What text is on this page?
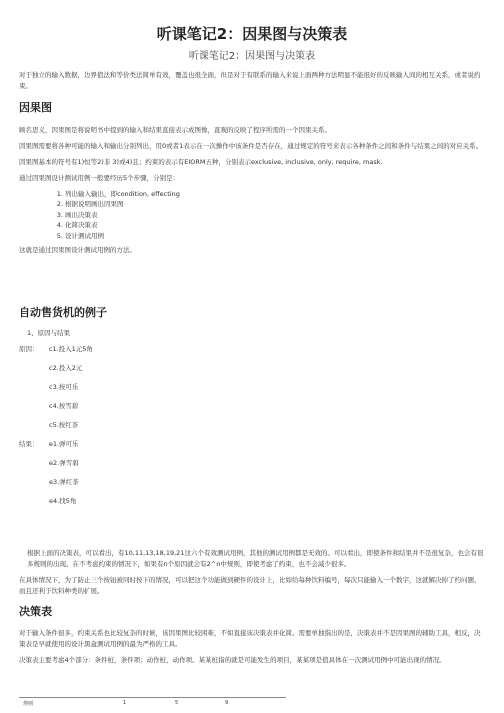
听课笔记2：因果图与决策表
听课笔记2：因果图与决策表

对于独立的输入数据，边界值法和等价类法简单有效，覆盖也很全面，但是对于有联系的输入来说上面两种方法明显不能很好的反映输入间的相互关系，或者说约束。

因果图

顾名思义，因果图是将说明书中提到的输入和结果直接表示成图像，直观的反映了程序所需的一个因果关系。

因果图需要将各种可能的输入和输出分别列出，用0或者1表示在一次操作中该条件是否存在，通过规定的符号来表示各种条件之间和条件与结果之间的对应关系。

因果图基本的符号有1)恒等2)非 3)或4)且；约束的表示有EIORM五种，分别表示exclusive, inclusive, only, require, mask.

通过因果图设计测试用例一般要经历5个步骤，分别是：

1. 列出输入输出，即condition, effecting
2. 根据说明画出因果图
3. 画出决策表
4. 化简决策表
5. 设计测试用例

这就是通过因果图设计测试用例的方法。

自动售货机的例子

1、原因与结果

原因： c1.投入1元5角

c2.投入2元

c3.按可乐

c4.按雪碧

c5.按红茶

结果： e1.弹可乐

e2.弹雪碧

e3.弹红茶

e4.找5角

根据上面的决策表，可以看出，有10,11,13,18,19,21这六个有效测试用例，其他的测试用例都是无效的。可以看出，即使条件和结果并不是很复杂，也会有很多规则的出现。在不考虑约束的情况下，如果有n个原因就会有2^n中规则，即使考虑了约束，也不会减少很多。

在具体情况下，为了防止三个按钮被同时按下的情况，可以把这个功能做到硬件的设计上，比如给每种饮料编号，每次只能输入一个数字，这就解决掉了约问题，而且还利于饮料种类的扩展。

决策表

对于输入条件很多，约束关系也比较复杂的时候，该因果图比较困难，不如直接该决策表并化简。需要单独指出的是，决策表并不是因果图的辅助工具，相反，决策表是早就使用的设计黑盒测试用例的最为严格的工具。

决策表主要考虑4个部分：条件桩，条件项；动作桩，动作项。某某桩指的就是可能发生的项目，某某项是值具体在一次测试用例中可能出现的情况。

规则	1	5	9
